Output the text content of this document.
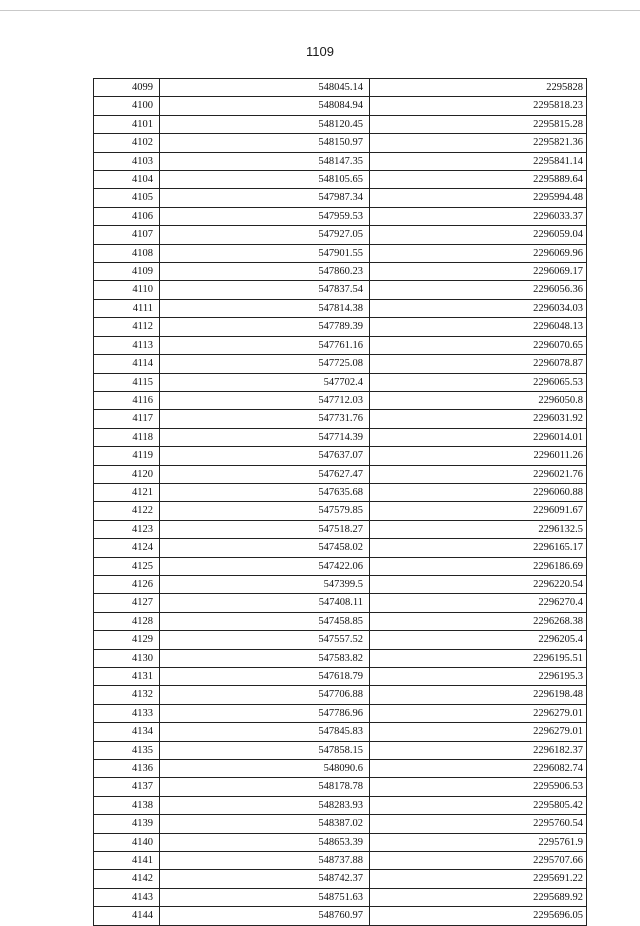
1109
4099	548045.14	2295828
4100	548084.94	2295818.23
4101	548120.45	2295815.28
4102	548150.97	2295821.36
4103	548147.35	2295841.14
4104	548105.65	2295889.64
4105	547987.34	2295994.48
4106	547959.53	2296033.37
4107	547927.05	2296059.04
4108	547901.55	2296069.96
4109	547860.23	2296069.17
4110	547837.54	2296056.36
4111	547814.38	2296034.03
4112	547789.39	2296048.13
4113	547761.16	2296070.65
4114	547725.08	2296078.87
4115	547702.4	2296065.53
4116	547712.03	2296050.8
4117	547731.76	2296031.92
4118	547714.39	2296014.01
4119	547637.07	2296011.26
4120	547627.47	2296021.76
4121	547635.68	2296060.88
4122	547579.85	2296091.67
4123	547518.27	2296132.5
4124	547458.02	2296165.17
4125	547422.06	2296186.69
4126	547399.5	2296220.54
4127	547408.11	2296270.4
4128	547458.85	2296268.38
4129	547557.52	2296205.4
4130	547583.82	2296195.51
4131	547618.79	2296195.3
4132	547706.88	2296198.48
4133	547786.96	2296279.01
4134	547845.83	2296279.01
4135	547858.15	2296182.37
4136	548090.6	2296082.74
4137	548178.78	2295906.53
4138	548283.93	2295805.42
4139	548387.02	2295760.54
4140	548653.39	2295761.9
4141	548737.88	2295707.66
4142	548742.37	2295691.22
4143	548751.63	2295689.92
4144	548760.97	2295696.05
